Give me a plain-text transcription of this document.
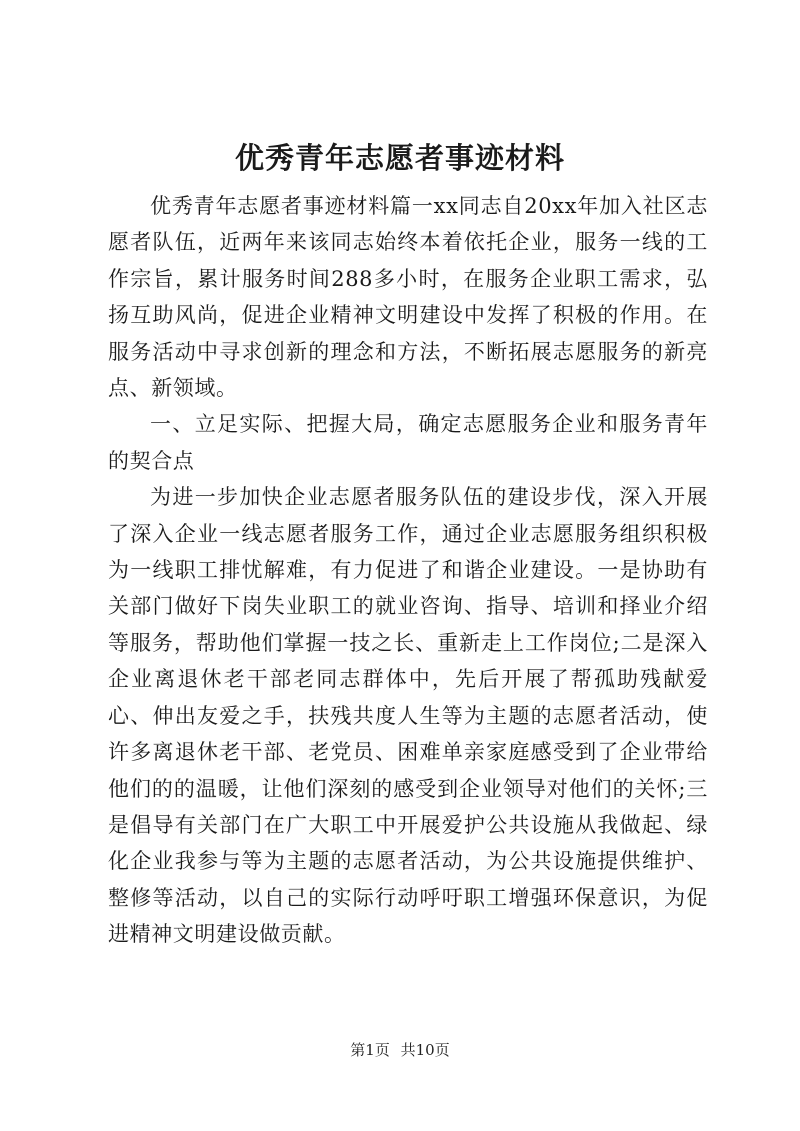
优秀青年志愿者事迹材料

优秀青年志愿者事迹材料篇一xx同志自20xx年加入社区志愿者队伍，近两年来该同志始终本着依托企业，服务一线的工作宗旨，累计服务时间288多小时，在服务企业职工需求，弘扬互助风尚，促进企业精神文明建设中发挥了积极的作用。在服务活动中寻求创新的理念和方法，不断拓展志愿服务的新亮点、新领域。

一、立足实际、把握大局，确定志愿服务企业和服务青年的契合点

为进一步加快企业志愿者服务队伍的建设步伐，深入开展了深入企业一线志愿者服务工作，通过企业志愿服务组织积极为一线职工排忧解难，有力促进了和谐企业建设。一是协助有关部门做好下岗失业职工的就业咨询、指导、培训和择业介绍等服务，帮助他们掌握一技之长、重新走上工作岗位;二是深入企业离退休老干部老同志群体中，先后开展了帮孤助残献爱心、伸出友爱之手，扶残共度人生等为主题的志愿者活动，使许多离退休老干部、老党员、困难单亲家庭感受到了企业带给他们的的温暖，让他们深刻的感受到企业领导对他们的关怀;三是倡导有关部门在广大职工中开展爱护公共设施从我做起、绿化企业我参与等为主题的志愿者活动，为公共设施提供维护、整修等活动，以自己的实际行动呼吁职工增强环保意识，为促进精神文明建设做贡献。

第1页 共10页
